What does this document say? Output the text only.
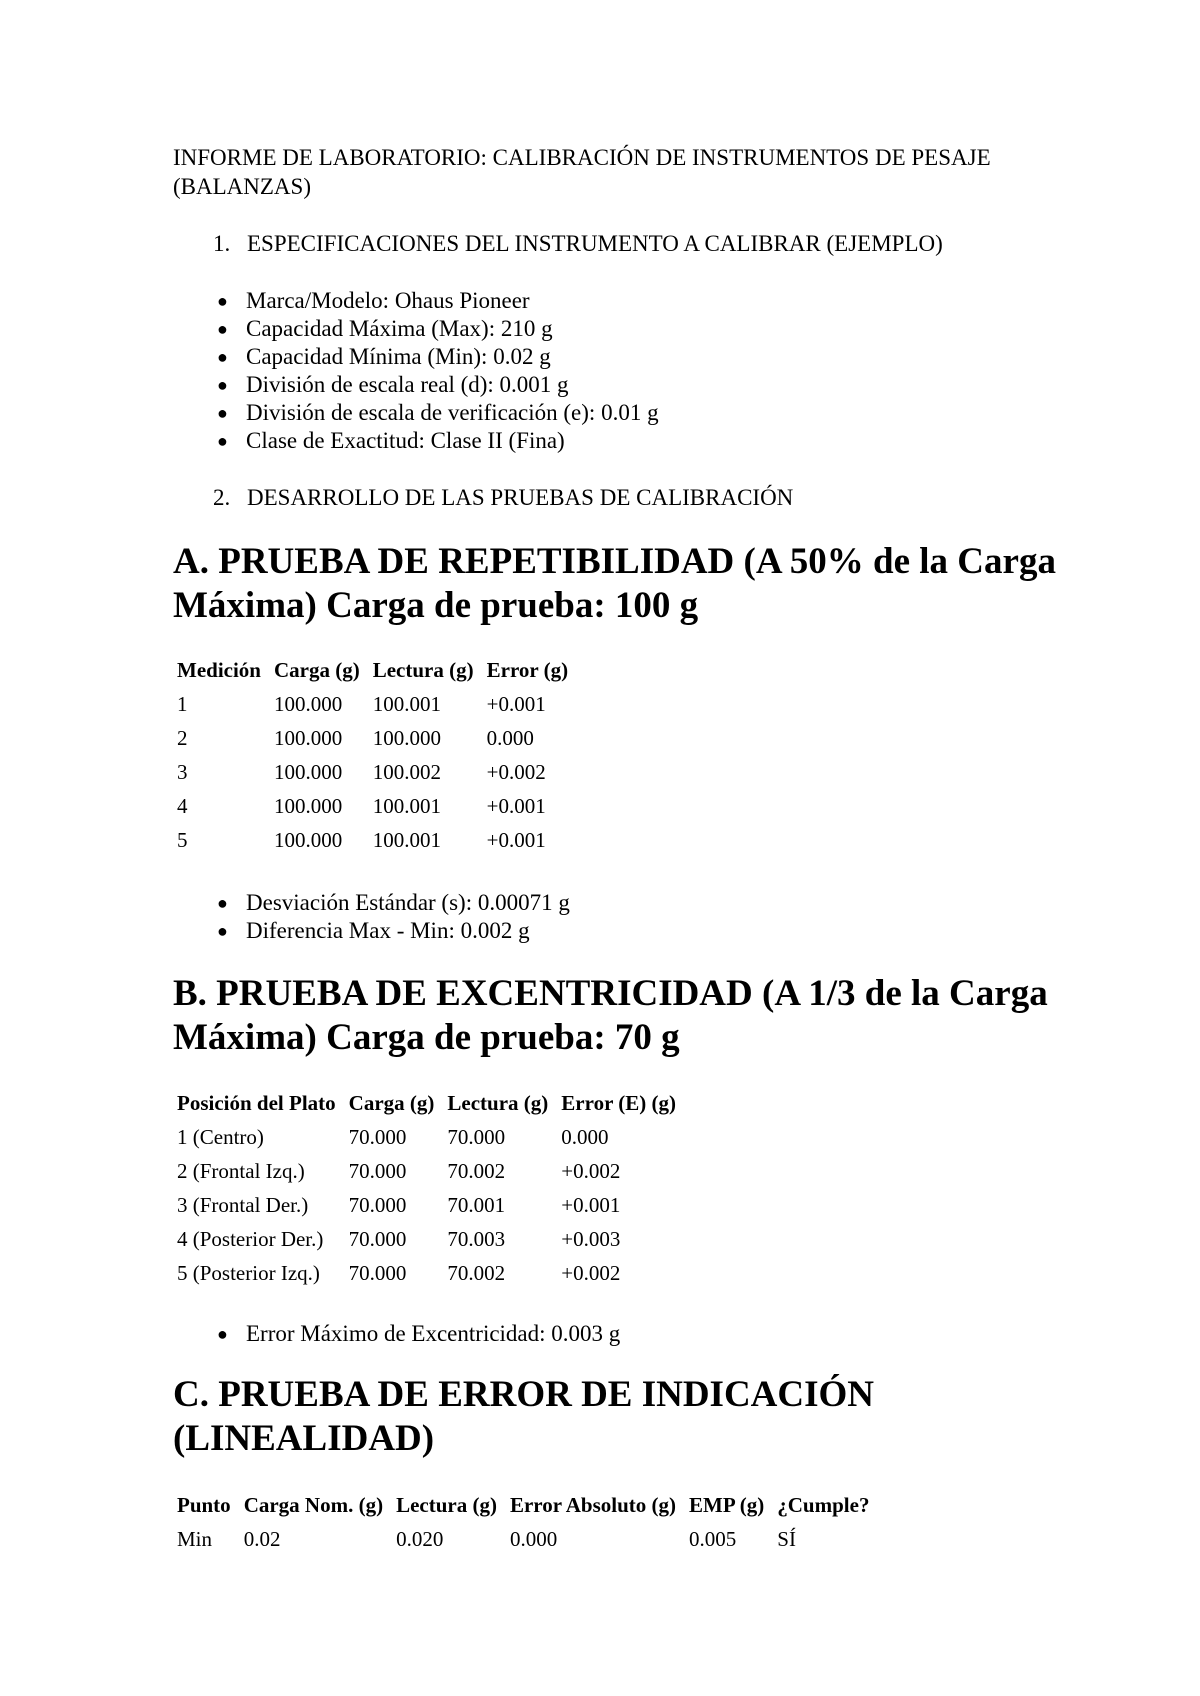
INFORME DE LABORATORIO: CALIBRACIÓN DE INSTRUMENTOS DE PESAJE (BALANZAS)
1. ESPECIFICACIONES DEL INSTRUMENTO A CALIBRAR (EJEMPLO)
● Marca/Modelo: Ohaus Pioneer
● Capacidad Máxima (Max): 210 g
● Capacidad Mínima (Min): 0.02 g
● División de escala real (d): 0.001 g
● División de escala de verificación (e): 0.01 g
● Clase de Exactitud: Clase II (Fina)
2. DESARROLLO DE LAS PRUEBAS DE CALIBRACIÓN
A. PRUEBA DE REPETIBILIDAD (A 50% de la Carga Máxima) Carga de prueba: 100 g
Medición	Carga (g)	Lectura (g)	Error (g)
1	100.000	100.001	+0.001
2	100.000	100.000	0.000
3	100.000	100.002	+0.002
4	100.000	100.001	+0.001
5	100.000	100.001	+0.001
● Desviación Estándar (s): 0.00071 g
● Diferencia Max - Min: 0.002 g
B. PRUEBA DE EXCENTRICIDAD (A 1/3 de la Carga Máxima) Carga de prueba: 70 g
Posición del Plato	Carga (g)	Lectura (g)	Error (E) (g)
1 (Centro)	70.000	70.000	0.000
2 (Frontal Izq.)	70.000	70.002	+0.002
3 (Frontal Der.)	70.000	70.001	+0.001
4 (Posterior Der.)	70.000	70.003	+0.003
5 (Posterior Izq.)	70.000	70.002	+0.002
● Error Máximo de Excentricidad: 0.003 g
C. PRUEBA DE ERROR DE INDICACIÓN (LINEALIDAD)
Punto	Carga Nom. (g)	Lectura (g)	Error Absoluto (g)	EMP (g)	¿Cumple?
Min	0.02	0.020	0.000	0.005	SÍ
